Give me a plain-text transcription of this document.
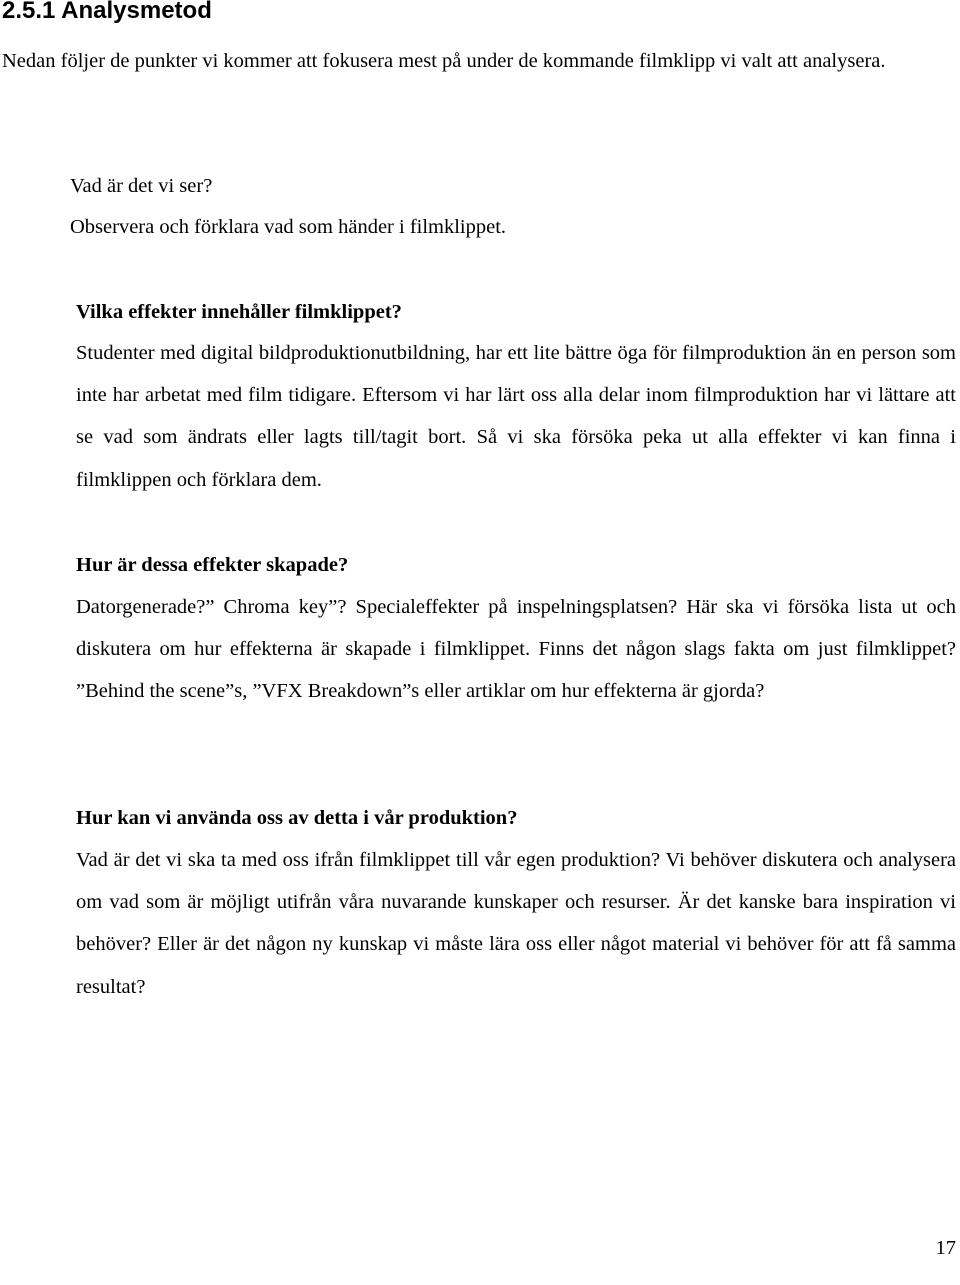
2.5.1 Analysmetod

Nedan följer de punkter vi kommer att fokusera mest på under de kommande filmklipp vi valt att analysera.

Vad är det vi ser?

Observera och förklara vad som händer i filmklippet.

Vilka effekter innehåller filmklippet?

Studenter med digital bildproduktionutbildning, har ett lite bättre öga för filmproduktion än en person som inte har arbetat med film tidigare. Eftersom vi har lärt oss alla delar inom filmproduktion har vi lättare att se vad som ändrats eller lagts till/tagit bort. Så vi ska försöka peka ut alla effekter vi kan finna i filmklippen och förklara dem.

Hur är dessa effekter skapade?

Datorgenerade?” Chroma key”? Specialeffekter på inspelningsplatsen? Här ska vi försöka lista ut och diskutera om hur effekterna är skapade i filmklippet. Finns det någon slags fakta om just filmklippet? ”Behind the scene”s, ”VFX Breakdown”s eller artiklar om hur effekterna är gjorda?

Hur kan vi använda oss av detta i vår produktion?

Vad är det vi ska ta med oss ifrån filmklippet till vår egen produktion? Vi behöver diskutera och analysera om vad som är möjligt utifrån våra nuvarande kunskaper och resurser. Är det kanske bara inspiration vi behöver? Eller är det någon ny kunskap vi måste lära oss eller något material vi behöver för att få samma resultat?

17
